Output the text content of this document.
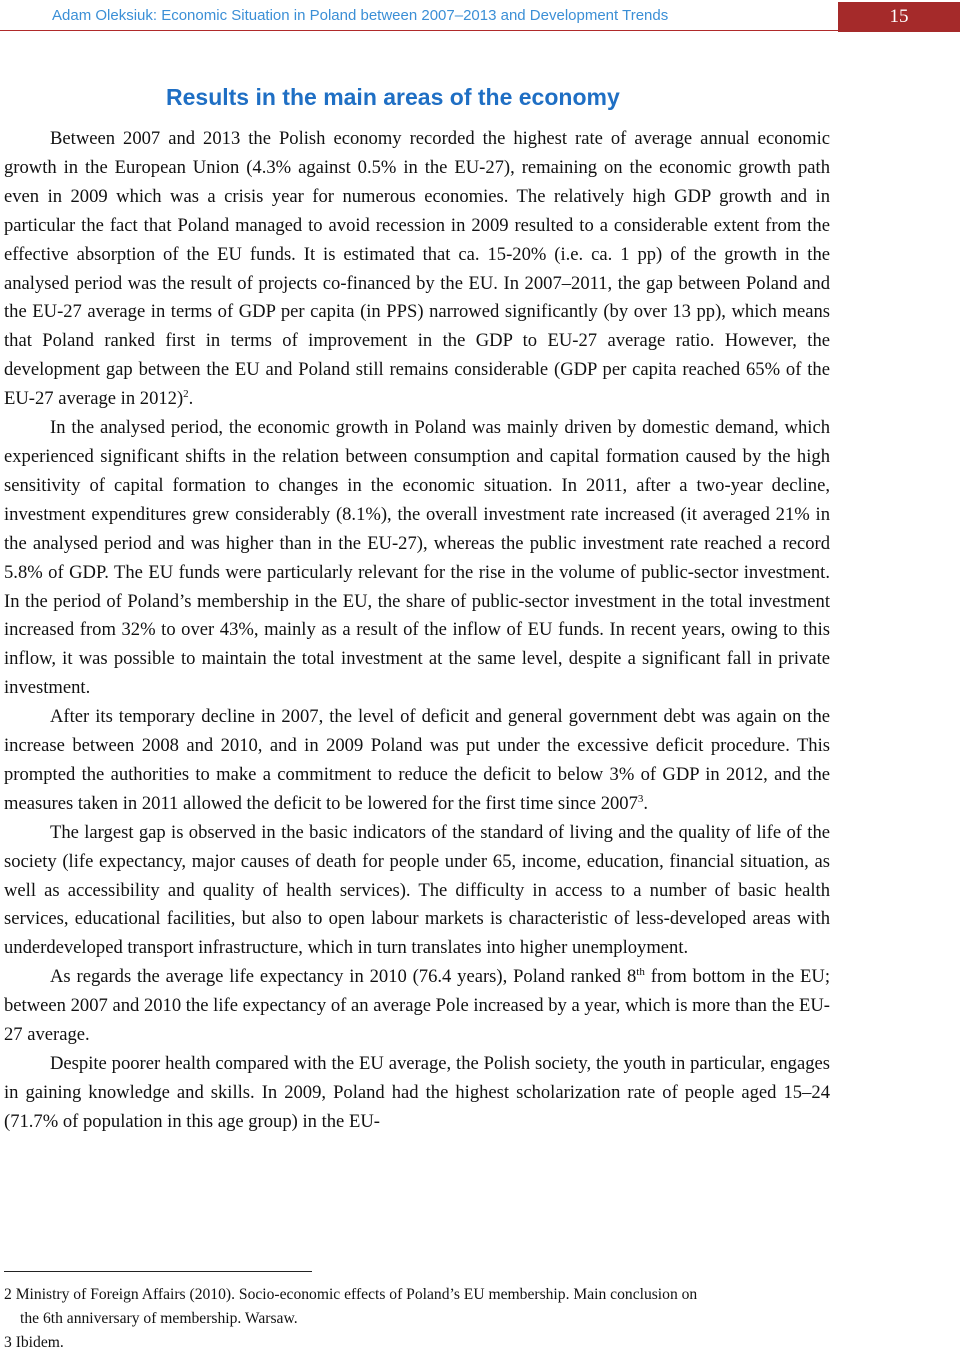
Adam Oleksiuk: Economic Situation in Poland between 2007–2013 and Development Trends	15
Results in the main areas of the economy

Between 2007 and 2013 the Polish economy recorded the highest rate of average annual economic growth in the European Union (4.3% against 0.5% in the EU-27), remaining on the economic growth path even in 2009 which was a crisis year for numerous economies. The relatively high GDP growth and in particular the fact that Poland managed to avoid recession in 2009 resulted to a considerable extent from the effective absorption of the EU funds. It is estimated that ca. 15-20% (i.e. ca. 1 pp) of the growth in the analysed period was the result of projects co-financed by the EU. In 2007–2011, the gap between Poland and the EU-27 average in terms of GDP per capita (in PPS) narrowed significantly (by over 13 pp), which means that Poland ranked first in terms of improvement in the GDP to EU-27 average ratio. However, the development gap between the EU and Poland still remains considerable (GDP per capita reached 65% of the EU-27 average in 2012)$^2$.

In the analysed period, the economic growth in Poland was mainly driven by domestic demand, which experienced significant shifts in the relation between consumption and capital formation caused by the high sensitivity of capital formation to changes in the economic situation. In 2011, after a two-year decline, investment expenditures grew considerably (8.1%), the overall investment rate increased (it averaged 21% in the analysed period and was higher than in the EU-27), whereas the public investment rate reached a record 5.8% of GDP. The EU funds were particularly relevant for the rise in the volume of public-sector investment. In the period of Poland’s membership in the EU, the share of public-sector investment in the total investment increased from 32% to over 43%, mainly as a result of the inflow of EU funds. In recent years, owing to this inflow, it was possible to maintain the total investment at the same level, despite a significant fall in private investment.

After its temporary decline in 2007, the level of deficit and general government debt was again on the increase between 2008 and 2010, and in 2009 Poland was put under the excessive deficit procedure. This prompted the authorities to make a commitment to reduce the deficit to below 3% of GDP in 2012, and the measures taken in 2011 allowed the deficit to be lowered for the first time since 2007$^3$.

The largest gap is observed in the basic indicators of the standard of living and the quality of life of the society (life expectancy, major causes of death for people under 65, income, education, financial situation, as well as accessibility and quality of health services). The difficulty in access to a number of basic health services, educational facilities, but also to open labour markets is characteristic of less-developed areas with underdeveloped transport infrastructure, which in turn translates into higher unemployment.

As regards the average life expectancy in 2010 (76.4 years), Poland ranked 8th from bottom in the EU; between 2007 and 2010 the life expectancy of an average Pole increased by a year, which is more than the EU-27 average.

Despite poorer health compared with the EU average, the Polish society, the youth in particular, engages in gaining knowledge and skills. In 2009, Poland had the highest scholarization rate of people aged 15–24 (71.7% of population in this age group) in the EU-

2 Ministry of Foreign Affairs (2010). Socio-economic effects of Poland’s EU membership. Main conclusion on

the 6th anniversary of membership. Warsaw.

3 Ibidem.
